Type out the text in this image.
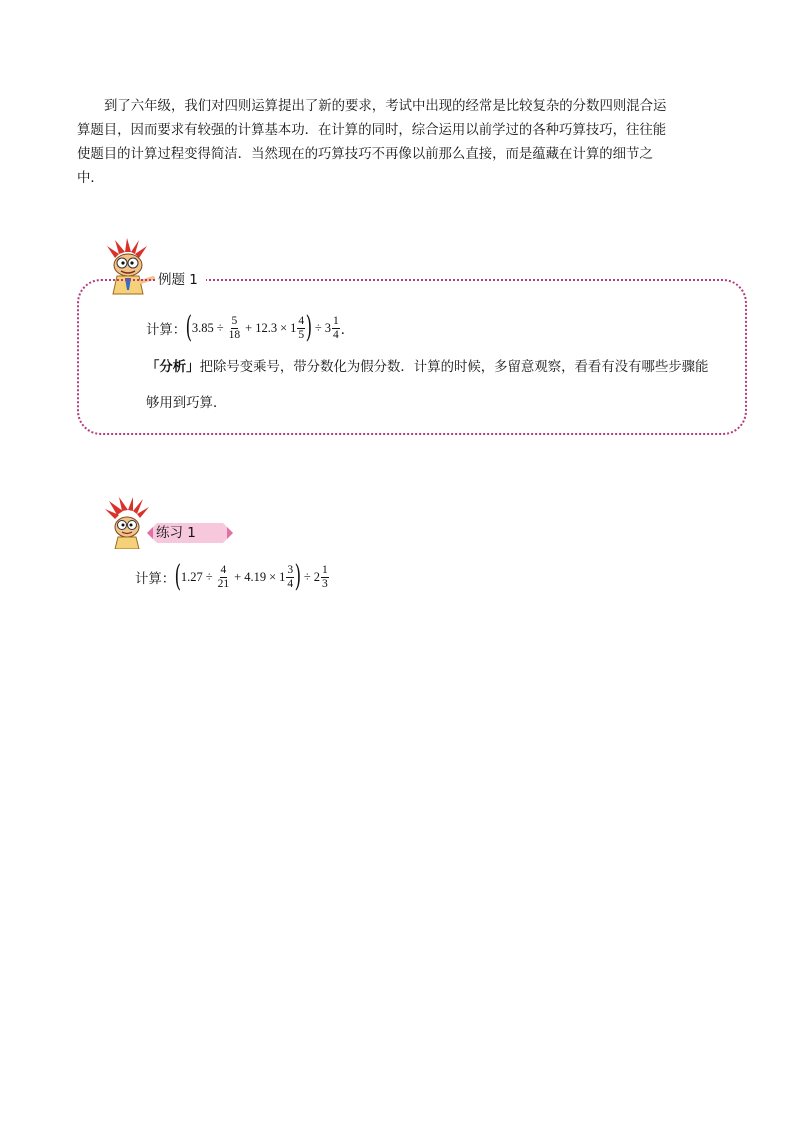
到了六年级，我们对四则运算提出了新的要求，考试中出现的经常是比较复杂的分数四则混合运算题目，因而要求有较强的计算基本功．在计算的同时，综合运用以前学过的各种巧算技巧，往往能使题目的计算过程变得简洁．当然现在的巧算技巧不再像以前那么直接，而是蕴藏在计算的细节之中．

例题 1
计算： ( $3.85 \div \frac{5}{18} + 12.3 \times 1 \frac{4}{5}$ ) ÷ $3 \frac{1}{4}$ ．

「分析」把除号变乘号，带分数化为假分数．计算的时候，多留意观察，看看有没有哪些步骤能够用到巧算．

练习 1
计算： ( $1.27 \div \frac{4}{21} + 4.19 \times 1 \frac{3}{4}$ ) ÷ $2 \frac{1}{3}$
